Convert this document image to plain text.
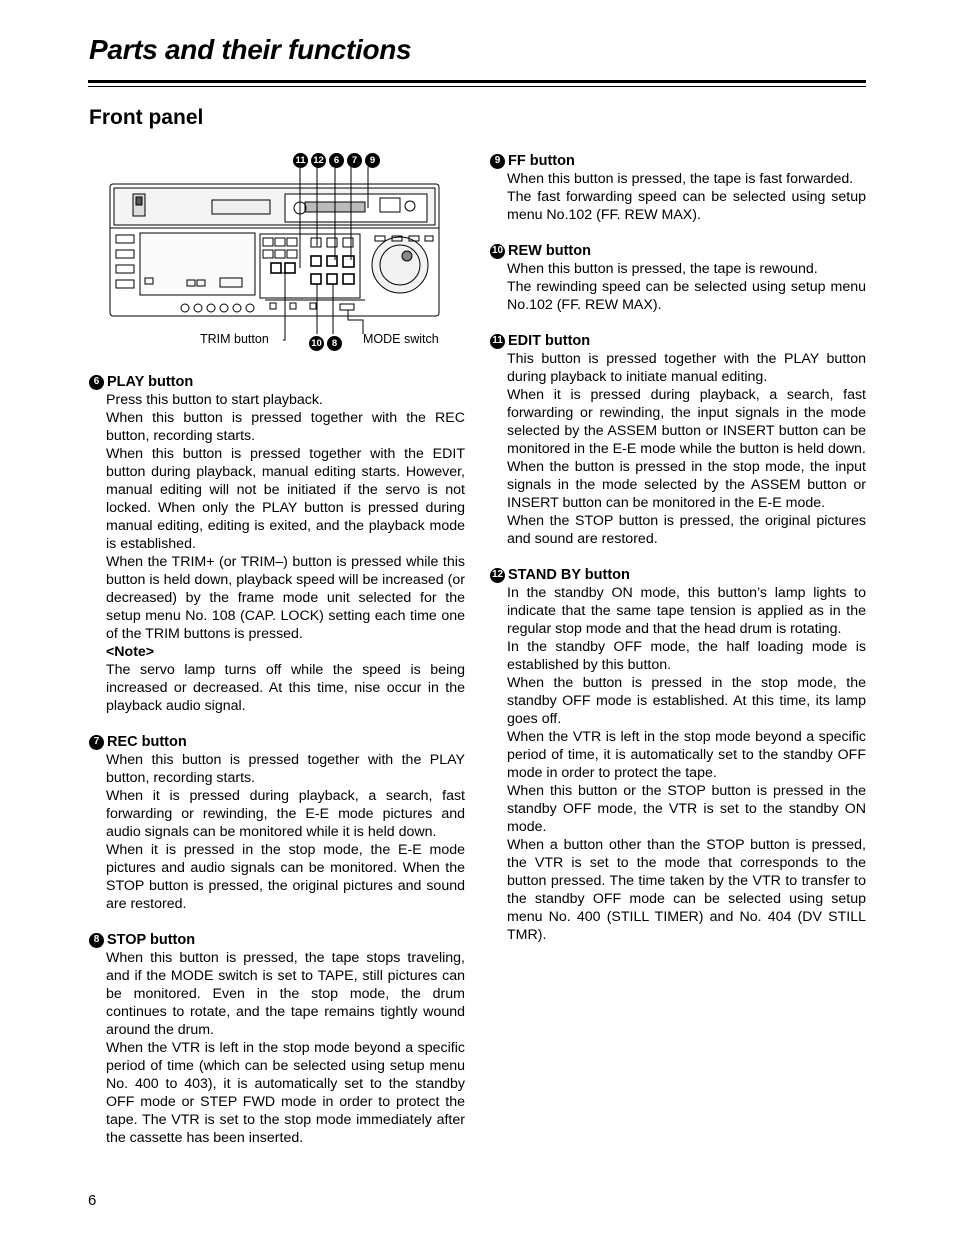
Parts and their functions
Front panel
11 12	6	7	9
TRIM button	MODE switch
10	8
6 PLAY button

Press this button to start playback.

When this button is pressed together with the REC button, recording starts.

When this button is pressed together with the EDIT button during playback, manual editing starts. However, manual editing will not be initiated if the servo is not locked. When only the PLAY button is pressed during manual editing, editing is exited, and the playback mode is established.

When the TRIM+ (or TRIM–) button is pressed while this button is held down, playback speed will be increased (or decreased) by the frame mode unit selected for the setup menu No. 108 (CAP. LOCK) setting each time one of the TRIM buttons is pressed.

<Note>

The servo lamp turns off while the speed is being increased or decreased. At this time, nise occur in the playback audio signal.

7 REC button

When this button is pressed together with the PLAY button, recording starts.

When it is pressed during playback, a search, fast forwarding or rewinding, the E-E mode pictures and audio signals can be monitored while it is held down.

When it is pressed in the stop mode, the E-E mode pictures and audio signals can be monitored. When the STOP button is pressed, the original pictures and sound are restored.

8 STOP button

When this button is pressed, the tape stops traveling, and if the MODE switch is set to TAPE, still pictures can be monitored. Even in the stop mode, the drum continues to rotate, and the tape remains tightly wound around the drum.

When the VTR is left in the stop mode beyond a specific period of time (which can be selected using setup menu No. 400 to 403), it is automatically set to the standby OFF mode or STEP FWD mode in order to protect the tape. The VTR is set to the stop mode immediately after the cassette has been inserted.

9 FF button

When this button is pressed, the tape is fast forwarded.

The fast forwarding speed can be selected using setup menu No.102 (FF. REW MAX).

10 REW button

When this button is pressed, the tape is rewound.

The rewinding speed can be selected using setup menu No.102 (FF. REW MAX).

11 EDIT button

This button is pressed together with the PLAY button during playback to initiate manual editing.

When it is pressed during playback, a search, fast forwarding or rewinding, the input signals in the mode selected by the ASSEM button or INSERT button can be monitored in the E-E mode while the button is held down.

When the button is pressed in the stop mode, the input signals in the mode selected by the ASSEM button or INSERT button can be monitored in the E-E mode.

When the STOP button is pressed, the original pictures and sound are restored.

12 STAND BY button

In the standby ON mode, this button’s lamp lights to indicate that the same tape tension is applied as in the regular stop mode and that the head drum is rotating.

In the standby OFF mode, the half loading mode is established by this button.

When the button is pressed in the stop mode, the standby OFF mode is established. At this time, its lamp goes off.

When the VTR is left in the stop mode beyond a specific period of time, it is automatically set to the standby OFF mode in order to protect the tape.

When this button or the STOP button is pressed in the standby OFF mode, the VTR is set to the standby ON mode.

When a button other than the STOP button is pressed, the VTR is set to the mode that corresponds to the button pressed. The time taken by the VTR to transfer to the standby OFF mode can be selected using setup menu No. 400 (STILL TIMER) and No. 404 (DV STILL TMR).

6
